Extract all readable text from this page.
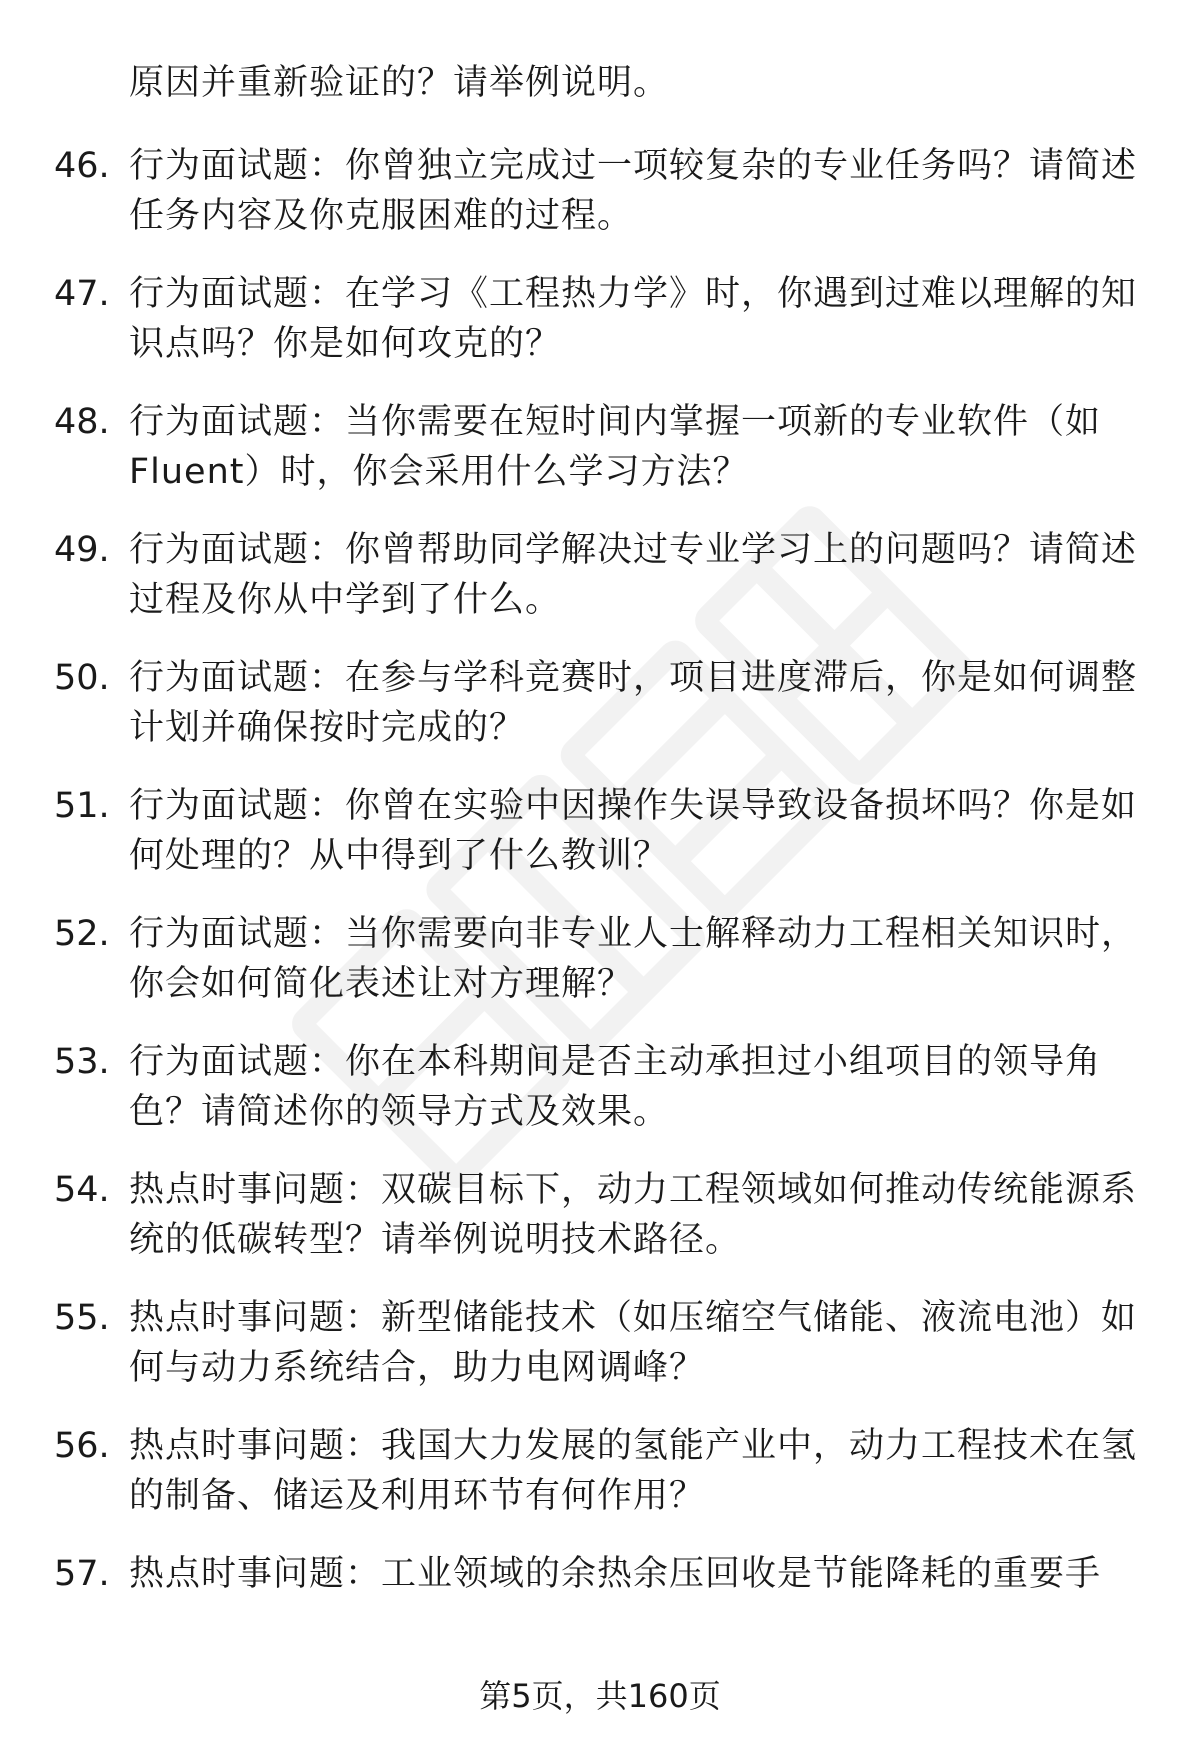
原因并重新验证的？请举例说明。
46. 行为面试题：你曾独立完成过一项较复杂的专业任务吗？请简述任务内容及你克服困难的过程。
47. 行为面试题：在学习《工程热力学》时，你遇到过难以理解的知识点吗？你是如何攻克的？
48. 行为面试题：当你需要在短时间内掌握一项新的专业软件（如Fluent）时，你会采用什么学习方法？
49. 行为面试题：你曾帮助同学解决过专业学习上的问题吗？请简述过程及你从中学到了什么。
50. 行为面试题：在参与学科竞赛时，项目进度滞后，你是如何调整计划并确保按时完成的？
51. 行为面试题：你曾在实验中因操作失误导致设备损坏吗？你是如何处理的？从中得到了什么教训？
52. 行为面试题：当你需要向非专业人士解释动力工程相关知识时，你会如何简化表述让对方理解？
53. 行为面试题：你在本科期间是否主动承担过小组项目的领导角色？请简述你的领导方式及效果。
54. 热点时事问题：双碳目标下，动力工程领域如何推动传统能源系统的低碳转型？请举例说明技术路径。
55. 热点时事问题：新型储能技术（如压缩空气储能、液流电池）如何与动力系统结合，助力电网调峰？
56. 热点时事问题：我国大力发展的氢能产业中，动力工程技术在氢的制备、储运及利用环节有何作用？
57. 热点时事问题：工业领域的余热余压回收是节能降耗的重要手
第5页，共160页
